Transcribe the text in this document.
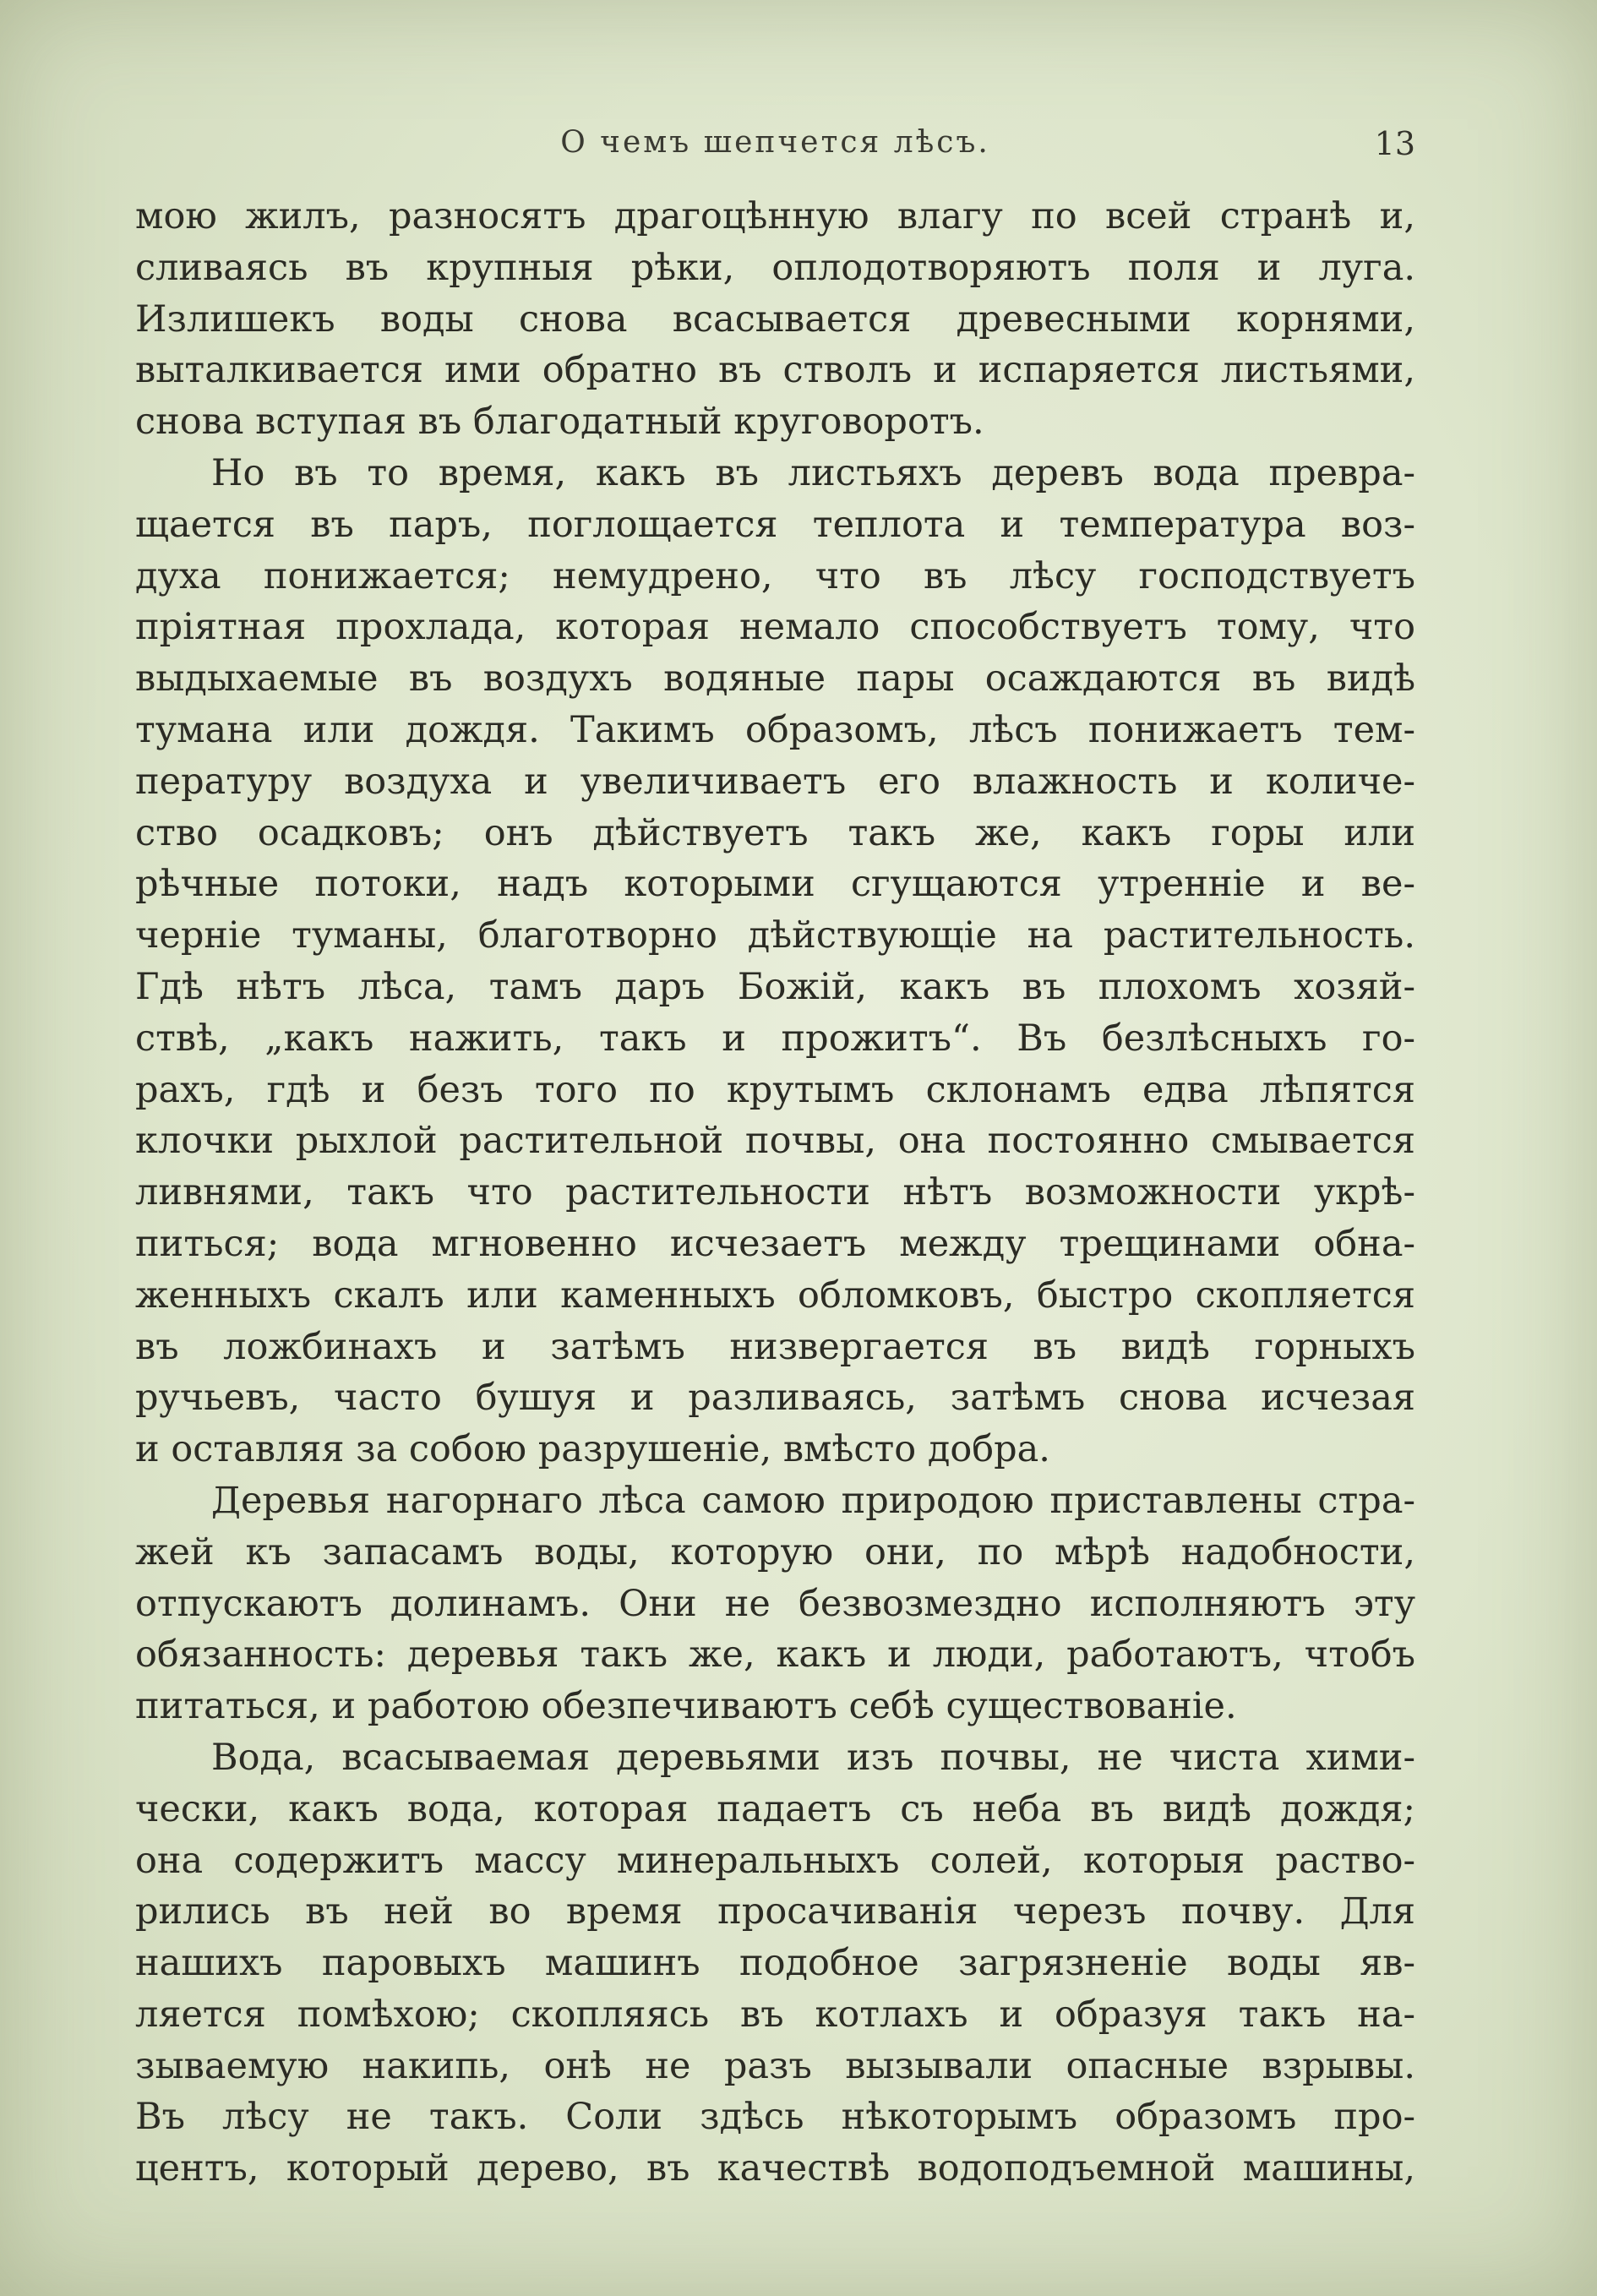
О чемъ шепчется лѣсъ.	13
мою жилъ, разносятъ драгоцѣнную влагу по всей странѣ и,
сливаясь въ крупныя рѣки, оплодотворяютъ поля и луга.
Излишекъ воды снова всасывается древесными корнями,
выталкивается ими обратно въ стволъ и испаряется листьями,
снова вступая въ благодатный круговоротъ.
Но въ то время, какъ въ листьяхъ деревъ вода превра-
щается въ паръ, поглощается теплота и температура воз-
духа понижается; немудрено, что въ лѣсу господствуетъ
пріятная прохлада, которая немало способствуетъ тому, что
выдыхаемые въ воздухъ водяные пары осаждаются въ видѣ
тумана или дождя. Такимъ образомъ, лѣсъ понижаетъ тем-
пературу воздуха и увеличиваетъ его влажность и количе-
ство осадковъ; онъ дѣйствуетъ такъ же, какъ горы или
рѣчные потоки, надъ которыми сгущаются утренніе и ве-
черніе туманы, благотворно дѣйствующіе на растительность.
Гдѣ нѣтъ лѣса, тамъ даръ Божій, какъ въ плохомъ хозяй-
ствѣ, „какъ нажить, такъ и прожитъ“. Въ безлѣсныхъ го-
рахъ, гдѣ и безъ того по крутымъ склонамъ едва лѣпятся
клочки рыхлой растительной почвы, она постоянно смывается
ливнями, такъ что растительности нѣтъ возможности укрѣ-
питься; вода мгновенно исчезаетъ между трещинами обна-
женныхъ скалъ или каменныхъ обломковъ, быстро скопляется
въ ложбинахъ и затѣмъ низвергается въ видѣ горныхъ
ручьевъ, часто бушуя и разливаясь, затѣмъ снова исчезая
и оставляя за собою разрушеніе, вмѣсто добра.
Деревья нагорнаго лѣса самою природою приставлены стра-
жей къ запасамъ воды, которую они, по мѣрѣ надобности,
отпускаютъ долинамъ. Они не безвозмездно исполняютъ эту
обязанность: деревья такъ же, какъ и люди, работаютъ, чтобъ
питаться, и работою обезпечиваютъ себѣ существованіе.
Вода, всасываемая деревьями изъ почвы, не чиста хими-
чески, какъ вода, которая падаетъ съ неба въ видѣ дождя;
она содержитъ массу минеральныхъ солей, которыя раство-
рились въ ней во время просачиванія черезъ почву. Для
нашихъ паровыхъ машинъ подобное загрязненіе воды яв-
ляется помѣхою; скопляясь въ котлахъ и образуя такъ на-
зываемую накипь, онѣ не разъ вызывали опасные взрывы.
Въ лѣсу не такъ. Соли здѣсь нѣкоторымъ образомъ про-
центъ, который дерево, въ качествѣ водоподъемной машины,
